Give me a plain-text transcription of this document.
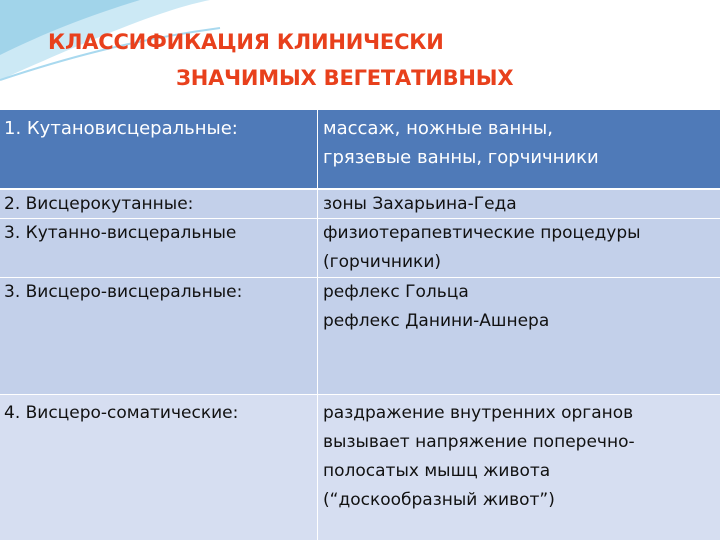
КЛАССИФИКАЦИЯ КЛИНИЧЕСКИ
ЗНАЧИМЫХ ВЕГЕТАТИВНЫХ
1. Кутановисцеральные:	массаж, ножные ванны,
грязевые ванны, горчичники
2. Висцерокутанные:	зоны Захарьина-Геда
3. Кутанно-висцеральные	физиотерапевтические процедуры
(горчичники)
3. Висцеро-висцеральные:	рефлекс Гольца
рефлекс Данини-Ашнера
4. Висцеро-соматические:	раздражение внутренних органов
вызывает напряжение поперечно-
полосатых мышц живота
(“доскообразный живот”)
